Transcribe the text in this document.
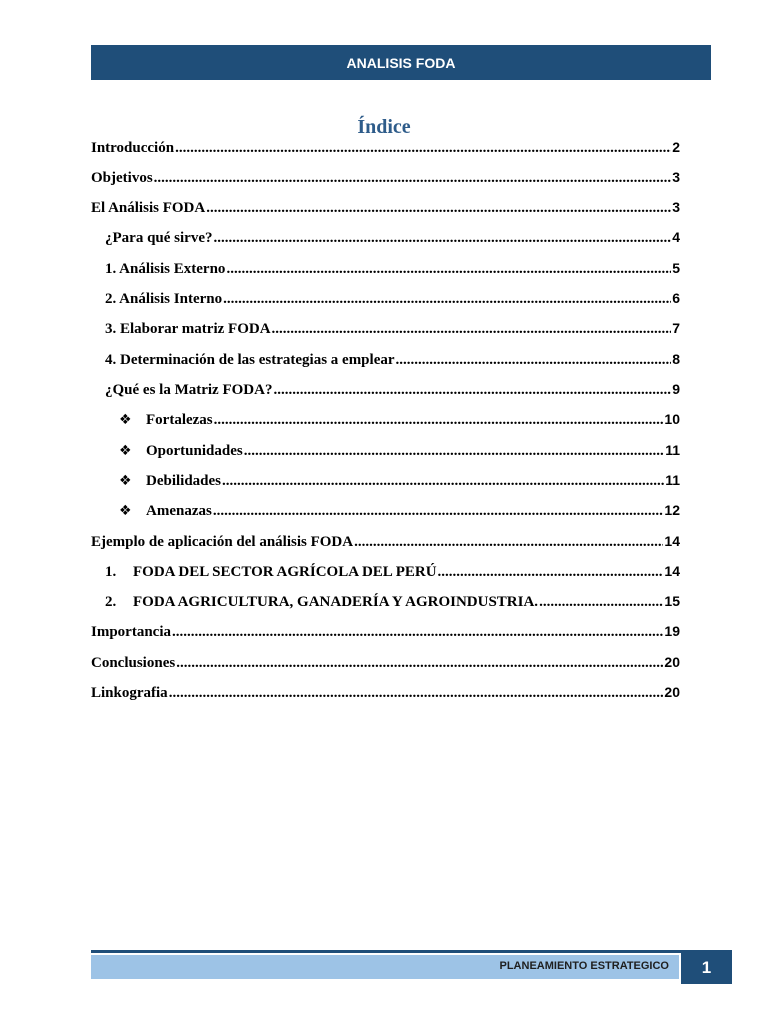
ANALISIS FODA
Índice
Introducción .....	2
Objetivos .....	3
El Análisis FODA .....	3
¿Para qué sirve? .....	4
1. Análisis Externo .....	5
2. Análisis Interno .....	6
3. Elaborar matriz FODA .....	7
4. Determinación de las estrategias a emplear .....	8
¿Qué es la Matriz FODA? .....	9
❖ Fortalezas .....	10
❖ Oportunidades .....	11
❖ Debilidades .....	11
❖ Amenazas .....	12
Ejemplo de aplicación del análisis FODA .....	14
1.	FODA DEL SECTOR AGRÍCOLA DEL PERÚ .....	14
2.	FODA AGRICULTURA, GANADERÍA Y AGROINDUSTRIA. .....	15
Importancia .....	19
Conclusiones .....	20
Linkografia .....	20
PLANEAMIENTO ESTRATEGICO 1
